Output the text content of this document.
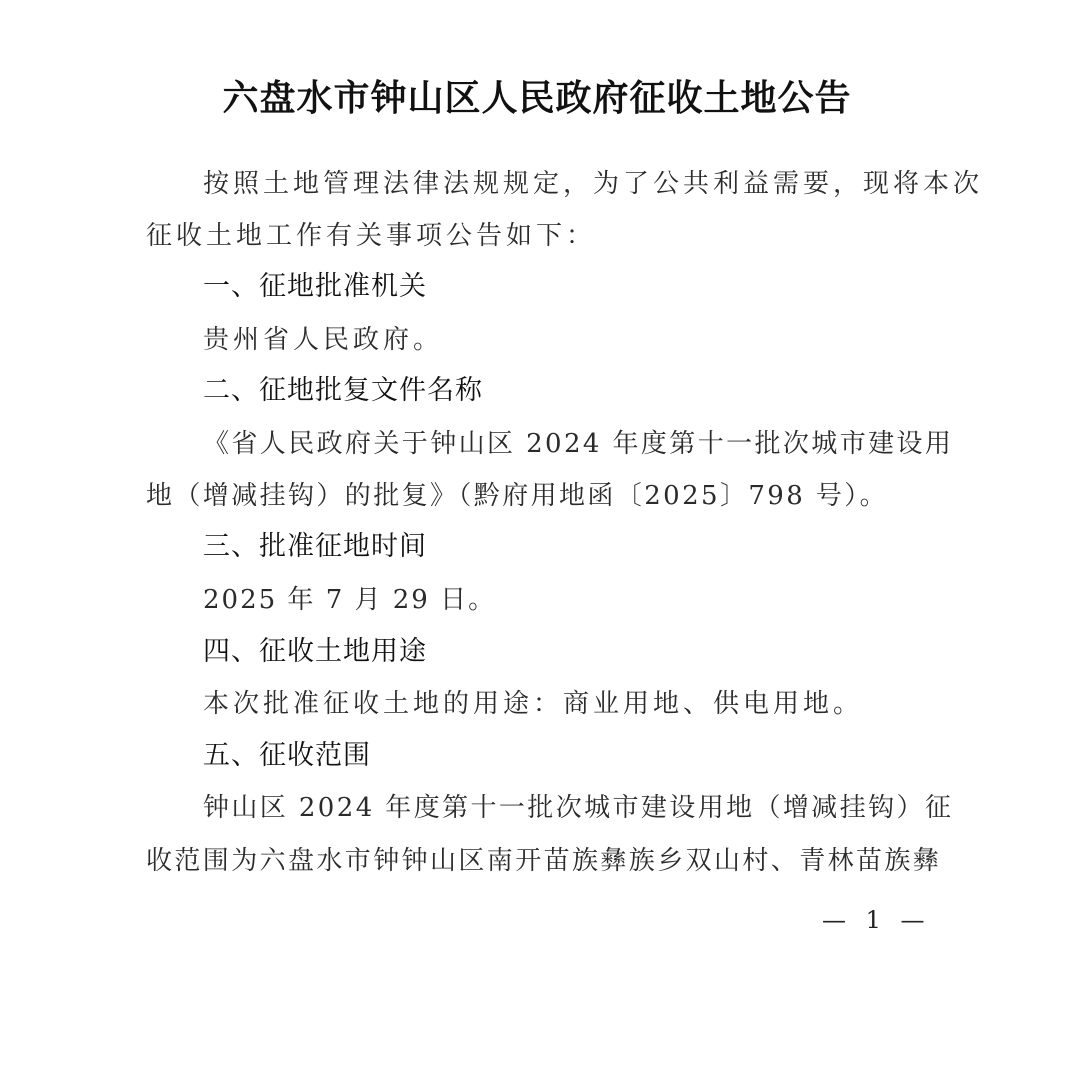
六盘水市钟山区人民政府征收土地公告

按照土地管理法律法规规定，为了公共利益需要，现将本次

征收土地工作有关事项公告如下：

一、征地批准机关

贵州省人民政府。

二、征地批复文件名称

《省人民政府关于钟山区 2024 年度第十一批次城市建设用

地（增减挂钩）的批复》（黔府用地函〔2025〕798 号）。

三、批准征地时间

2025 年 7 月 29 日。

四、征收土地用途

本次批准征收土地的用途：商业用地、供电用地。

五、征收范围

钟山区 2024 年度第十一批次城市建设用地（增减挂钩）征

收范围为六盘水市钟钟山区南开苗族彝族乡双山村、青林苗族彝

— 1 —
